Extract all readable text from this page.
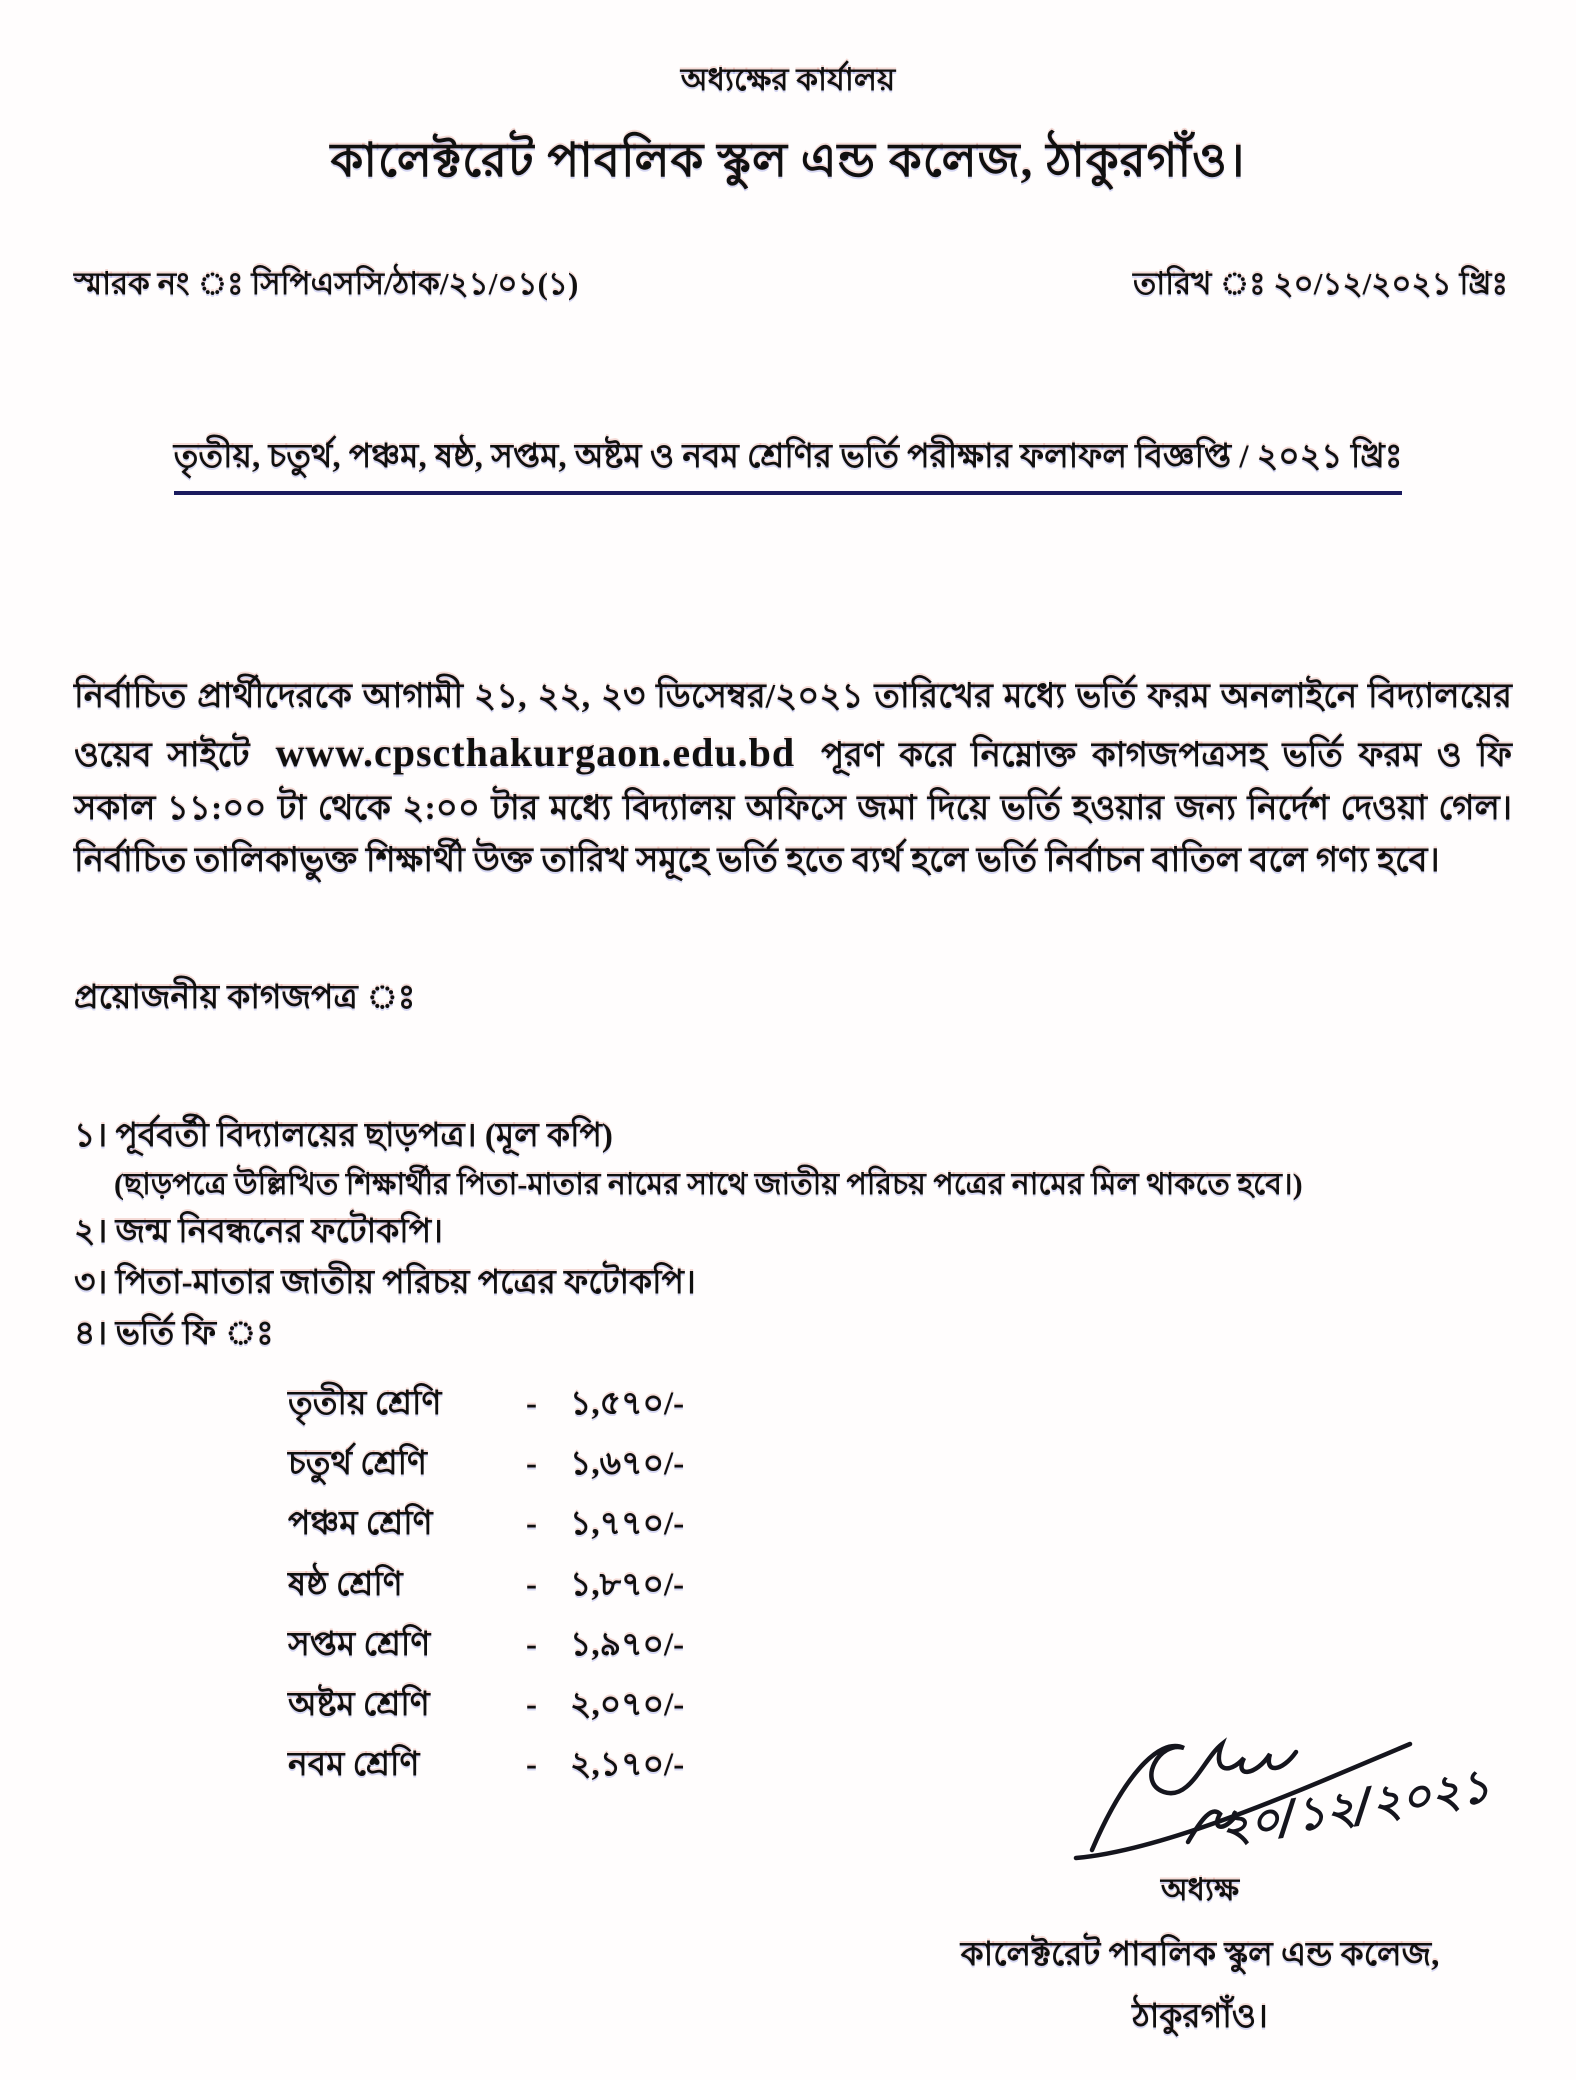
অধ্যক্ষের কার্যালয়
কালেক্টরেট পাবলিক স্কুল এন্ড কলেজ, ঠাকুরগাঁও।
স্মারক নং ঃ সিপিএসসি/ঠাক/২১/০১(১)	তারিখ ঃ ২০/১২/২০২১ খ্রিঃ
তৃতীয়, চতুর্থ, পঞ্চম, ষষ্ঠ, সপ্তম, অষ্টম ও নবম শ্রেণির ভর্তি পরীক্ষার ফলাফল বিজ্ঞপ্তি / ২০২১ খ্রিঃ

নির্বাচিত প্রার্থীদেরকে আগামী ২১, ২২, ২৩ ডিসেম্বর/২০২১ তারিখের মধ্যে ভর্তি ফরম অনলাইনে বিদ্যালয়ের ওয়েব সাইটে www.cpscthakurgaon.edu.bd পূরণ করে নিম্নোক্ত কাগজপত্রসহ ভর্তি ফরম ও ফি সকাল ১১:০০ টা থেকে ২:০০ টার মধ্যে বিদ্যালয় অফিসে জমা দিয়ে ভর্তি হওয়ার জন্য নির্দেশ দেওয়া গেল। নির্বাচিত তালিকাভুক্ত শিক্ষার্থী উক্ত তারিখ সমূহে ভর্তি হতে ব্যর্থ হলে ভর্তি নির্বাচন বাতিল বলে গণ্য হবে।

প্রয়োজনীয় কাগজপত্র ঃ
১। পূর্ববর্তী বিদ্যালয়ের ছাড়পত্র। (মূল কপি)
(ছাড়পত্রে উল্লিখিত শিক্ষার্থীর পিতা-মাতার নামের সাথে জাতীয় পরিচয় পত্রের নামের মিল থাকতে হবে।)
২। জন্ম নিবন্ধনের ফটোকপি।
৩। পিতা-মাতার জাতীয় পরিচয় পত্রের ফটোকপি।
৪। ভর্তি ফি ঃ
তৃতীয় শ্রেণি	-	১,৫৭০/-
চতুর্থ শ্রেণি	-	১,৬৭০/-
পঞ্চম শ্রেণি	-	১,৭৭০/-
ষষ্ঠ শ্রেণি	-	১,৮৭০/-
সপ্তম শ্রেণি	-	১,৯৭০/-
অষ্টম শ্রেণি	-	২,০৭০/-
নবম শ্রেণি	-	২,১৭০/-	২০/১২/২০২১
অধ্যক্ষ
কালেক্টরেট পাবলিক স্কুল এন্ড কলেজ,
ঠাকুরগাঁও।
